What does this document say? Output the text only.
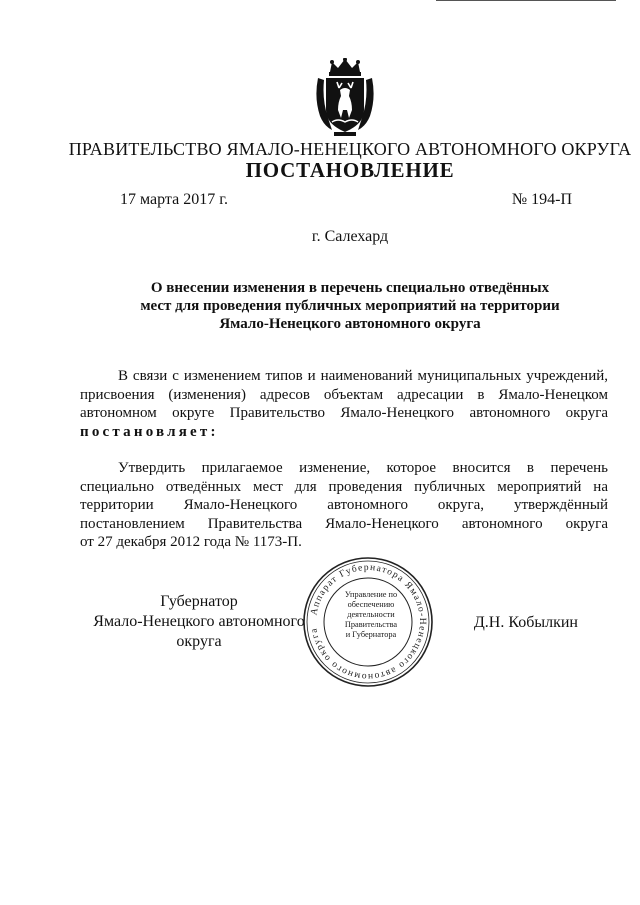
ПРАВИТЕЛЬСТВО ЯМАЛО-НЕНЕЦКОГО АВТОНОМНОГО ОКРУГА
ПОСТАНОВЛЕНИЕ
17 марта 2017 г.	№ 194-П
г. Салехард
О внесении изменения в перечень специально отведённых
мест для проведения публичных мероприятий на территории
Ямало-Ненецкого автономного округа
В связи с изменением типов и наименований муниципальных учреждений,
присвоения (изменения) адресов объектам адресации в Ямало-Ненецком
автономном округе Правительство Ямало-Ненецкого автономного округа
постановляет:
Утвердить прилагаемое изменение, которое вносится в перечень
специально отведённых мест для проведения публичных мероприятий на
территории Ямало-Ненецкого автономного округа, утверждённый
постановлением Правительства Ямало-Ненецкого автономного округа
от 27 декабря 2012 года № 1173-П.
Губернатор
Ямало-Ненецкого автономного округа
Аппарат Губернатора Ямало-Ненецкого автономного округа
Управление по
обеспечению
деятельности
Правительства
и Губернатора
Д.Н. Кобылкин
